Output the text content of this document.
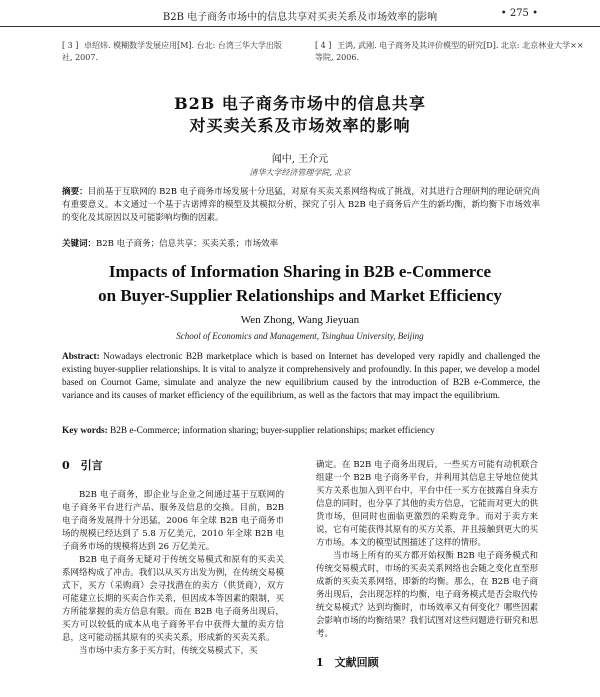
B2B 电子商务市场中的信息共享对买卖关系及市场效率的影响	• 275 •
[ 3 ] 卓绍炜. 模糊数学发展应用[M]. 台北: 台湾三华大学出版社, 2007.
[ 4 ] 王鸿, 武刚. 电子商务及其评价模型的研究[D]. 北京: 北京林业大学××等院, 2006.
B2B 电子商务市场中的信息共享
对买卖关系及市场效率的影响
闻中, 王介元
清华大学经济管理学院, 北京
摘要：目前基于互联网的 B2B 电子商务市场发展十分迅猛，对原有买卖关系网络构成了挑战，对其进行合理研判的理论研究尚有重要意义。本文通过一个基于古诺博弈的模型及其模拟分析，探究了引入 B2B 电子商务后产生的新均衡，新均衡下市场效率的变化及其原因以及可能影响均衡的因素。
关键词：B2B 电子商务；信息共享；买卖关系；市场效率
Impacts of Information Sharing in B2B e-Commerce
on Buyer-Supplier Relationships and Market Efficiency
Wen Zhong, Wang Jieyuan
School of Economics and Management, Tsinghua University, Beijing
Abstract: Nowadays electronic B2B marketplace which is based on Internet has developed very rapidly and challenged the existing buyer-supplier relationships. It is vital to analyze it comprehensively and profoundly. In this paper, we develop a model based on Cournot Game, simulate and analyze the new equilibrium caused by the introduction of B2B e-Commerce, the variance and its causes of market efficiency of the equilibrium, as well as the factors that may impact the equilibrium.
Key words: B2B e-Commerce; information sharing; buyer-supplier relationships; market efficiency
0　引言

B2B 电子商务，即企业与企业之间通过基于互联网的电子商务平台进行产品、服务及信息的交换。目前，B2B 电子商务发展得十分迅猛，2006 年全球 B2B 电子商务市场的规模已经达到了 5.8 万亿美元，2010 年全球 B2B 电子商务市场的规模将达到 26 万亿美元。

B2B 电子商务无疑对于传统交易模式和原有的买卖关系网络构成了冲击。我们以从买方出发为例，在传统交易模式下，买方（采购商）会寻找潜在的卖方（供货商），双方可能建立长期的买卖合作关系，但因成本等因素的限制，买方所能掌握的卖方信息有限。而在 B2B 电子商务出现后，买方可以较低的成本从电子商务平台中获得大量的卖方信息，这可能动摇其原有的买卖关系，形成新的买卖关系。

当市场中卖方多于买方时，传统交易模式下，买

确定。在 B2B 电子商务出现后，一些买方可能有动机联合组建一个 B2B 电子商务平台，并利用其信息主导地位使其买方关系也加入到平台中，平台中任一买方在披露自身卖方信息的同时，也分享了其他的卖方信息，它能而对更大的供货市场，但同时也面临更激烈的采购竞争。而对于卖方来说，它有可能获得其原有的买方关系，并且接触到更大的买方市场。本文的模型试图描述了这样的情形。

当市场上所有的买方都开始权衡 B2B 电子商务模式和传统交易模式时，市场的买卖关系网络也会随之变化直至形成新的买卖关系网络，即新的均衡。那么，在 B2B 电子商务出现后，会出现怎样的均衡，电子商务模式是否会取代传统交易模式？达到均衡时，市场效率又有何变化？哪些因素会影响市场的均衡结果？我们试图对这些问题进行研究和思考。

1　文献回顾
